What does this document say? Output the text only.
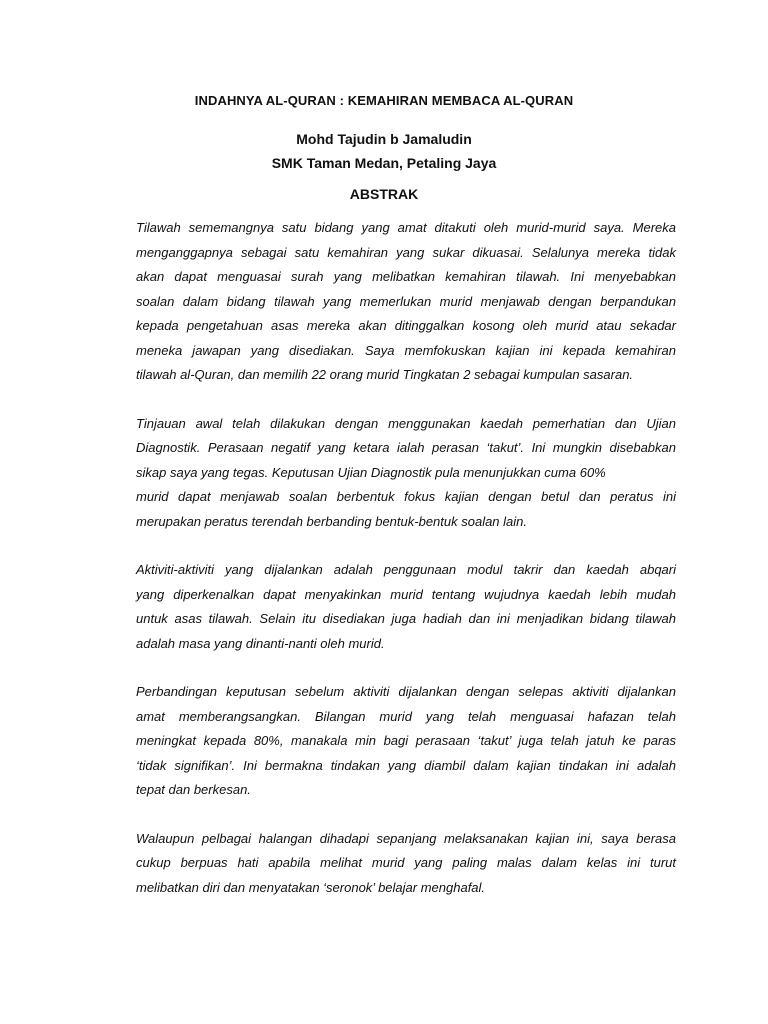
INDAHNYA AL-QURAN : KEMAHIRAN MEMBACA AL-QURAN
Mohd Tajudin b Jamaludin
SMK Taman Medan, Petaling Jaya
ABSTRAK

Tilawah sememangnya satu bidang yang amat ditakuti oleh murid-murid saya. Mereka
menganggapnya sebagai satu kemahiran yang sukar dikuasai. Selalunya mereka tidak
akan dapat menguasai surah yang melibatkan kemahiran tilawah. Ini menyebabkan
soalan dalam bidang tilawah yang memerlukan murid menjawab dengan berpandukan
kepada pengetahuan asas mereka akan ditinggalkan kosong oleh murid atau sekadar
meneka jawapan yang disediakan. Saya memfokuskan kajian ini kepada kemahiran
tilawah al-Quran, dan memilih 22 orang murid Tingkatan 2 sebagai kumpulan sasaran.

Tinjauan awal telah dilakukan dengan menggunakan kaedah pemerhatian dan Ujian
Diagnostik. Perasaan negatif yang ketara ialah perasan ‘takut’. Ini mungkin disebabkan
sikap saya yang tegas. Keputusan Ujian Diagnostik pula menunjukkan cuma 60%
murid dapat menjawab soalan berbentuk fokus kajian dengan betul dan peratus ini
merupakan peratus terendah berbanding bentuk-bentuk soalan lain.

Aktiviti-aktiviti yang dijalankan adalah penggunaan modul takrir dan kaedah abqari
yang diperkenalkan dapat menyakinkan murid tentang wujudnya kaedah lebih mudah
untuk asas tilawah. Selain itu disediakan juga hadiah dan ini menjadikan bidang tilawah
adalah masa yang dinanti-nanti oleh murid.

Perbandingan keputusan sebelum aktiviti dijalankan dengan selepas aktiviti dijalankan
amat memberangsangkan. Bilangan murid yang telah menguasai hafazan telah
meningkat kepada 80%, manakala min bagi perasaan ‘takut’ juga telah jatuh ke paras
‘tidak signifikan’. Ini bermakna tindakan yang diambil dalam kajian tindakan ini adalah
tepat dan berkesan.

Walaupun pelbagai halangan dihadapi sepanjang melaksanakan kajian ini, saya berasa
cukup berpuas hati apabila melihat murid yang paling malas dalam kelas ini turut
melibatkan diri dan menyatakan ‘seronok’ belajar menghafal.
